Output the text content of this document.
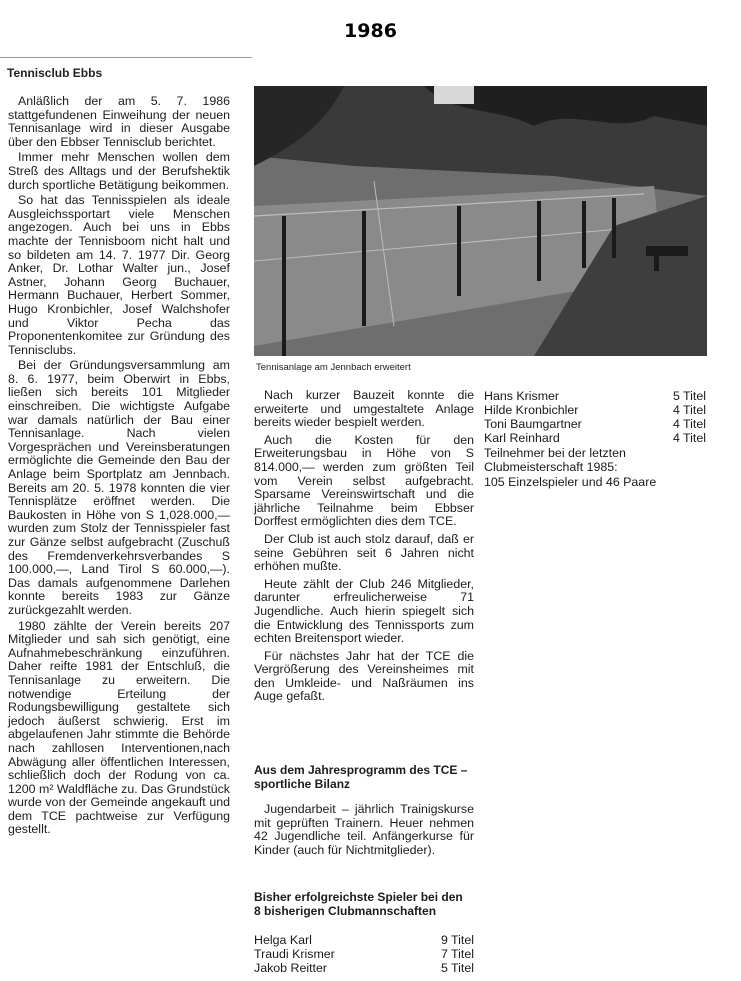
1986
Tennisclub Ebbs

Anläßlich der am 5. 7. 1986 stattgefundenen Einweihung der neuen Tennisanlage wird in dieser Ausgabe über den Ebbser Tennisclub berichtet.

Immer mehr Menschen wollen dem Streß des Alltags und der Berufshektik durch sportliche Betätigung beikommen.

So hat das Tennisspielen als ideale Ausgleichssportart viele Menschen angezogen. Auch bei uns in Ebbs machte der Tennisboom nicht halt und so bildeten am 14. 7. 1977 Dir. Georg Anker, Dr. Lothar Walter jun., Josef Astner, Johann Georg Buchauer, Hermann Buchauer, Herbert Sommer, Hugo Kronbichler, Josef Walchshofer und Viktor Pecha das Proponentenkomitee zur Gründung des Tennisclubs.

Bei der Gründungsversammlung am 8. 6. 1977, beim Oberwirt in Ebbs, ließen sich bereits 101 Mitglieder einschreiben. Die wichtigste Aufgabe war damals natürlich der Bau einer Tennisanlage. Nach vielen Vorgesprächen und Vereinsberatungen ermöglichte die Gemeinde den Bau der Anlage beim Sportplatz am Jennbach. Bereits am 20. 5. 1978 konnten die vier Tennisplätze eröffnet werden. Die Baukosten in Höhe von S 1,028.000,— wurden zum Stolz der Tennisspieler fast zur Gänze selbst aufgebracht (Zuschuß des Fremdenverkehrsverbandes S 100.000,—, Land Tirol S 60.000,—). Das damals aufgenommene Darlehen konnte bereits 1983 zur Gänze zurückgezahlt werden.

1980 zählte der Verein bereits 207 Mitglieder und sah sich genötigt, eine Aufnahmebeschränkung einzuführen. Daher reifte 1981 der Entschluß, die Tennisanlage zu erweitern. Die notwendige Erteilung der Rodungsbewilligung gestaltete sich jedoch äußerst schwierig. Erst im abgelaufenen Jahr stimmte die Behörde nach zahllosen Interventionen,nach Abwägung aller öffentlichen Interessen, schließlich doch der Rodung von ca. 1200 m² Waldfläche zu. Das Grundstück wurde von der Gemeinde angekauft und dem TCE pachtweise zur Verfügung gestellt.

Tennisanlage am Jennbach erweitert

Nach kurzer Bauzeit konnte die erweiterte und umgestaltete Anlage bereits wieder bespielt werden.

Auch die Kosten für den Erweiterungsbau in Höhe von S 814.000,— werden zum größten Teil vom Verein selbst aufgebracht. Sparsame Vereinswirtschaft und die jährliche Teilnahme beim Ebbser Dorffest ermöglichten dies dem TCE.

Der Club ist auch stolz darauf, daß er seine Gebühren seit 6 Jahren nicht erhöhen mußte.

Heute zählt der Club 246 Mitglieder, darunter erfreulicherweise 71 Jugendliche. Auch hierin spiegelt sich die Entwicklung des Tennissports zum echten Breitensport wieder.

Für nächstes Jahr hat der TCE die Vergrößerung des Vereinsheimes mit den Umkleide- und Naßräumen ins Auge gefaßt.

Aus dem Jahresprogramm des TCE – sportliche Bilanz

Jugendarbeit – jährlich Trainigskurse mit geprüften Trainern. Heuer nehmen 42 Jugendliche teil. Anfängerkurse für Kinder (auch für Nichtmitglieder).

Bisher erfolgreichste Spieler bei den 8 bisherigen Clubmannschaften
Helga Karl	9 Titel
Traudi Krismer	7 Titel
Jakob Reitter	5 Titel
Hans Krismer	5 Titel
Hilde Kronbichler	4 Titel
Toni Baumgartner	4 Titel
Karl Reinhard	4 Titel
Teilnehmer bei der letzten Clubmeisterschaft 1985:
105 Einzelspieler und 46 Paare
